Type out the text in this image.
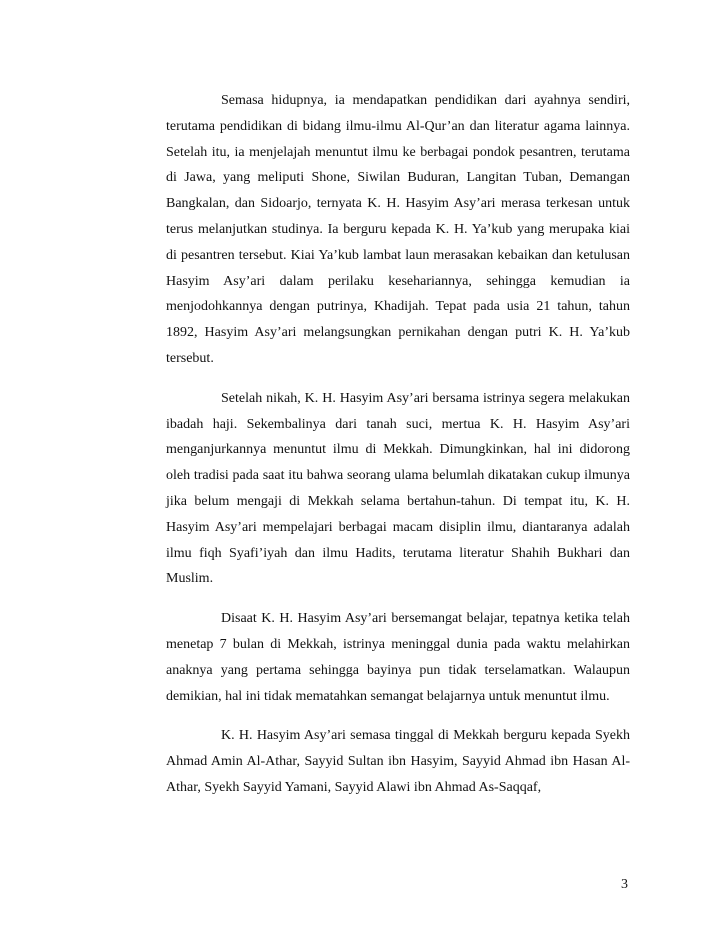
Semasa hidupnya, ia mendapatkan pendidikan dari ayahnya sendiri, terutama pendidikan di bidang ilmu-ilmu Al-Qur’an dan literatur agama lainnya. Setelah itu, ia menjelajah menuntut ilmu ke berbagai pondok pesantren, terutama di Jawa, yang meliputi Shone, Siwilan Buduran, Langitan Tuban, Demangan Bangkalan, dan Sidoarjo, ternyata K. H. Hasyim Asy’ari merasa terkesan untuk terus melanjutkan studinya. Ia berguru kepada K. H. Ya’kub yang merupaka kiai di pesantren tersebut. Kiai Ya’kub lambat laun merasakan kebaikan dan ketulusan Hasyim Asy’ari dalam perilaku kesehariannya, sehingga kemudian ia menjodohkannya dengan putrinya, Khadijah. Tepat pada usia 21 tahun, tahun 1892, Hasyim Asy’ari melangsungkan pernikahan dengan putri K. H. Ya’kub tersebut.

Setelah nikah, K. H. Hasyim Asy’ari bersama istrinya segera melakukan ibadah haji. Sekembalinya dari tanah suci, mertua K. H. Hasyim Asy’ari menganjurkannya menuntut ilmu di Mekkah. Dimungkinkan, hal ini didorong oleh tradisi pada saat itu bahwa seorang ulama belumlah dikatakan cukup ilmunya jika belum mengaji di Mekkah selama bertahun-tahun. Di tempat itu, K. H. Hasyim Asy’ari mempelajari berbagai macam disiplin ilmu, diantaranya adalah ilmu fiqh Syafi’iyah dan ilmu Hadits, terutama literatur Shahih Bukhari dan Muslim.

Disaat K. H. Hasyim Asy’ari bersemangat belajar, tepatnya ketika telah menetap 7 bulan di Mekkah, istrinya meninggal dunia pada waktu melahirkan anaknya yang pertama sehingga bayinya pun tidak terselamatkan. Walaupun demikian, hal ini tidak mematahkan semangat belajarnya untuk menuntut ilmu.

K. H. Hasyim Asy’ari semasa tinggal di Mekkah berguru kepada Syekh Ahmad Amin Al-Athar, Sayyid Sultan ibn Hasyim, Sayyid Ahmad ibn Hasan Al-Athar, Syekh Sayyid Yamani, Sayyid Alawi ibn Ahmad As-Saqqaf,

3
